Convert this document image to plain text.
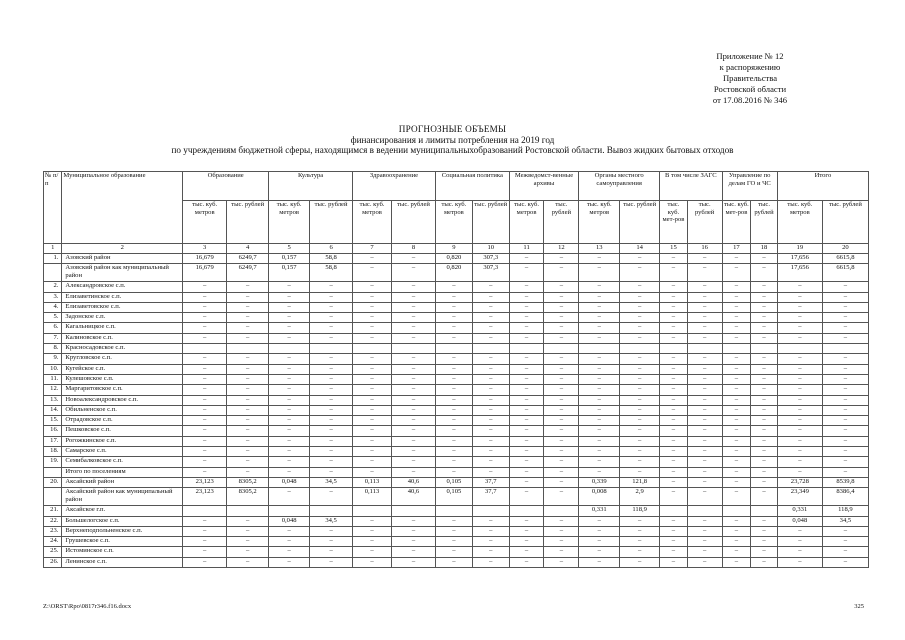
Приложение № 12
к распоряжению
Правительства
Ростовской области
от 17.08.2016 № 346
ПРОГНОЗНЫЕ ОБЪЕМЫ
финансирования и лимиты потребления на 2019 год
по учреждениям бюджетной сферы, находящимся в ведении муниципальныхобразований Ростовской области. Вывоз жидких бытовых отходов
№ п/п	Муниципальное образование	Образование		Культура		Здравоохранение		Социальная политика		Межведомст-венные архивы		Органы местного самоуправления		В том числе ЗАГС		Управление по делам ГО и ЧС		Итого	
		тыс. куб. метров	тыс. рублей	тыс. куб. метров	тыс. рублей	тыс. куб. метров	тыс. рублей	тыс. куб. метров	тыс. рублей	тыс. куб. метров	тыс. рублей	тыс. куб. метров	тыс. рублей	тыс. куб. мет-ров	тыс. рублей	тыс. куб. мет-ров	тыс. рублей	тыс. куб. метров	тыс. рублей
1	2	3	4	5	6	7	8	9	10	11	12	13	14	15	16	17	18	19	20
1.	Азовский район	16,679	6249,7	0,157	58,8	–	–	0,820	307,3	–	–	–	–	–	–	–	–	17,656	6615,8
	Азовский район как муниципальный район	16,679	6249,7	0,157	58,8	–	–	0,820	307,3	–	–	–	–	–	–	–	–	17,656	6615,8
2.	Александровское с.п.	–	–	–	–	–	–	–	–	–	–	–	–	–	–	–	–	–	–
3.	Елизаветинское с.п.	–	–	–	–	–	–	–	–	–	–	–	–	–	–	–	–	–	–
4.	Елизаветовское с.п.	–	–	–	–	–	–	–	–	–	–	–	–	–	–	–	–	–	–
5.	Задонское с.п.	–	–	–	–	–	–	–	–	–	–	–	–	–	–	–	–	–	–
6.	Кагальницкое с.п.	–	–	–	–	–	–	–	–	–	–	–	–	–	–	–	–	–	–
7.	Калиновское с.п.	–	–	–	–	–	–	–	–	–	–	–	–	–	–	–	–	–	–
8.	Красносадовское с.п.																		
9.	Кругловское с.п.	–	–	–	–	–	–	–	–	–	–	–	–	–	–	–	–	–	–
10.	Кугейское с.п.	–	–	–	–	–	–	–	–	–	–	–	–	–	–	–	–	–	–
11.	Кулешовское с.п.	–	–	–	–	–	–	–	–	–	–	–	–	–	–	–	–	–	–
12.	Маргаритовское с.п.	–	–	–	–	–	–	–	–	–	–	–	–	–	–	–	–	–	–
13.	Новоалександровское с.п.	–	–	–	–	–	–	–	–	–	–	–	–	–	–	–	–	–	–
14.	Обильненское с.п.	–	–	–	–	–	–	–	–	–	–	–	–	–	–	–	–	–	–
15.	Отрадовское с.п.	–	–	–	–	–	–	–	–	–	–	–	–	–	–	–	–	–	–
16.	Пешковское с.п.	–	–	–	–	–	–	–	–	–	–	–	–	–	–	–	–	–	–
17.	Рогожкинское с.п.	–	–	–	–	–	–	–	–	–	–	–	–	–	–	–	–	–	–
18.	Самарское с.п.	–	–	–	–	–	–	–	–	–	–	–	–	–	–	–	–	–	–
19.	Семибалковское с.п.	–	–	–	–	–	–	–	–	–	–	–	–	–	–	–	–	–	–
	Итого по поселениям	–	–	–	–	–	–	–	–	–	–	–	–	–	–	–	–	–	–
20.	Аксайский район	23,123	8305,2	0,048	34,5	0,113	40,6	0,105	37,7	–	–	0,339	121,8	–	–	–	–	23,728	8539,8
	Аксайский район как муниципальный район	23,123	8305,2	–	–	0,113	40,6	0,105	37,7	–	–	0,008	2,9	–	–	–	–	23,349	8386,4
21.	Аксайское г.п.											0,331	118,9					0,331	118,9
22.	Большелогское с.п.	–	–	0,048	34,5	–	–	–	–	–	–	–	–	–	–	–	–	0,048	34,5
23.	Верхнеподпольненское с.п.	–	–	–	–	–	–	–	–	–	–	–	–	–	–	–	–	–	–
24.	Грушевское с.п.	–	–	–	–	–	–	–	–	–	–	–	–	–	–	–	–	–	–
25.	Истоминское с.п.	–	–	–	–	–	–	–	–	–	–	–	–	–	–	–	–	–	–
26.	Ленинское с.п.	–	–	–	–	–	–	–	–	–	–	–	–	–	–	–	–	–	–
Z:\ORST\Rpo\0817r346.f16.docx	325
